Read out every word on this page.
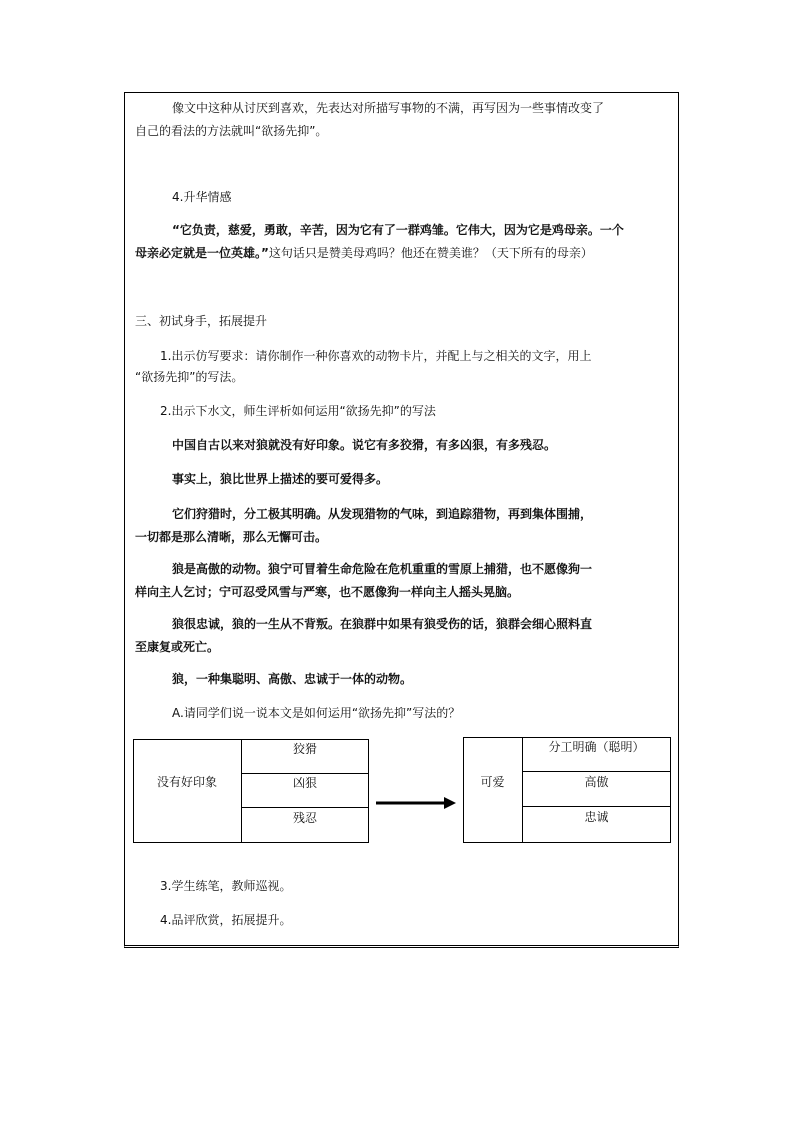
像文中这种从讨厌到喜欢，先表达对所描写事物的不满，再写因为一些事情改变了
自己的看法的方法就叫“欲扬先抑”。
4.升华情感
“它负责，慈爱，勇敢，辛苦，因为它有了一群鸡雏。它伟大，因为它是鸡母亲。一个
母亲必定就是一位英雄。”这句话只是赞美母鸡吗？他还在赞美谁？（天下所有的母亲）
三、初试身手，拓展提升
1.出示仿写要求：请你制作一种你喜欢的动物卡片，并配上与之相关的文字，用上
“欲扬先抑”的写法。
2.出示下水文，师生评析如何运用“欲扬先抑”的写法
中国自古以来对狼就没有好印象。说它有多狡猾，有多凶狠，有多残忍。
事实上，狼比世界上描述的要可爱得多。
它们狩猎时，分工极其明确。从发现猎物的气味，到追踪猎物，再到集体围捕，
一切都是那么清晰，那么无懈可击。
狼是高傲的动物。狼宁可冒着生命危险在危机重重的雪原上捕猎，也不愿像狗一
样向主人乞讨；宁可忍受风雪与严寒，也不愿像狗一样向主人摇头晃脑。
狼很忠诚，狼的一生从不背叛。在狼群中如果有狼受伤的话，狼群会细心照料直
至康复或死亡。
狼，一种集聪明、高傲、忠诚于一体的动物。
A.请同学们说一说本文是如何运用“欲扬先抑”写法的？
没有好印象
狡猾
凶狠
残忍
可爱
分工明确（聪明）
高傲
忠诚
3.学生练笔，教师巡视。
4.品评欣赏，拓展提升。
